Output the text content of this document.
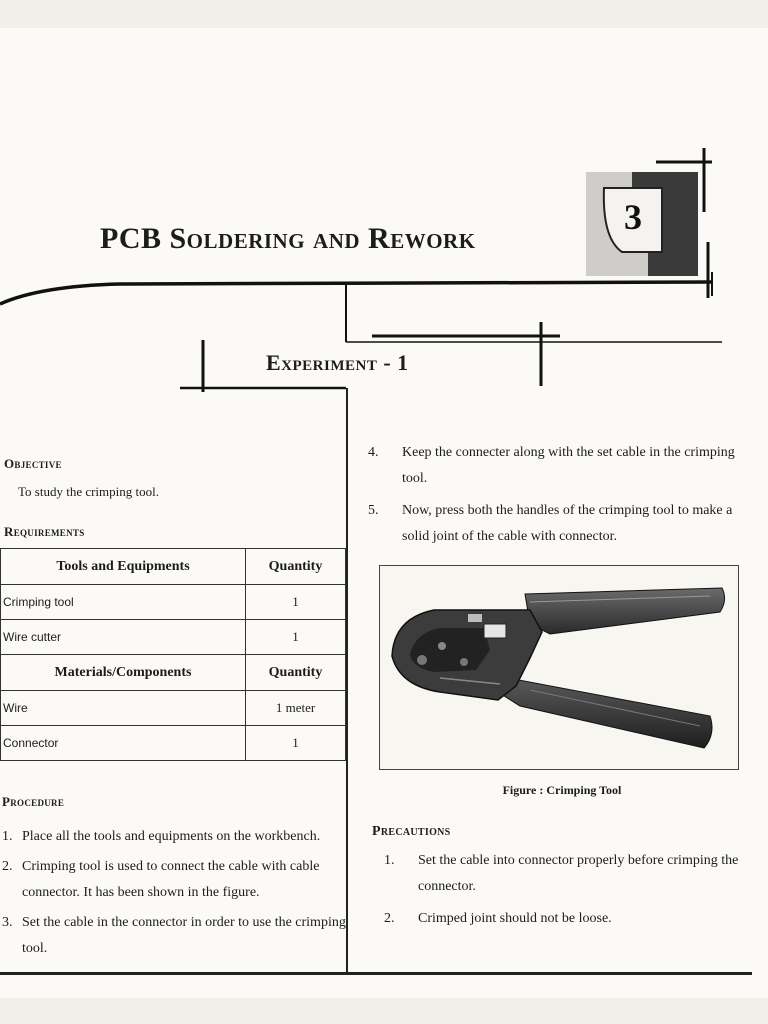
3
PCB Soldering and Rework
Experiment - 1
Objective
To study the crimping tool.
Requirements
Tools and Equipments	Quantity
Crimping tool	1
Wire cutter	1
Materials/Components	Quantity
Wire	1 meter
Connector	1
Procedure
1. Place all the tools and equipments on the workbench.
2. Crimping tool is used to connect the cable with cable connector. It has been shown in the figure.
3. Set the cable in the connector in order to use the crimping tool.
4. Keep the connecter along with the set cable in the crimping tool.
5. Now, press both the handles of the crimping tool to make a solid joint of the cable with connector.
Figure : Crimping Tool
Precautions
1. Set the cable into connector properly before crimping the connector.
2. Crimped joint should not be loose.
